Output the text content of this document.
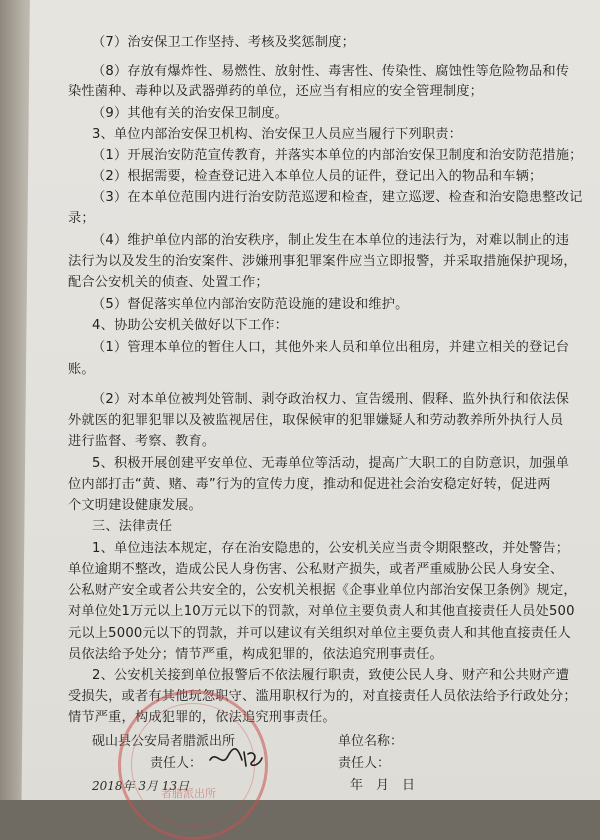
（7）治安保卫工作坚持、考核及奖惩制度；
（8）存放有爆炸性、易燃性、放射性、毒害性、传染性、腐蚀性等危险物品和传
染性菌种、毒种以及武器弹药的单位，还应当有相应的安全管理制度；
（9）其他有关的治安保卫制度。
3、单位内部治安保卫机构、治安保卫人员应当履行下列职责：
（1）开展治安防范宣传教育，并落实本单位的内部治安保卫制度和治安防范措施；
（2）根据需要，检查登记进入本单位人员的证件，登记出入的物品和车辆；
（3）在本单位范围内进行治安防范巡逻和检查，建立巡逻、检查和治安隐患整改记
录；
（4）维护单位内部的治安秩序，制止发生在本单位的违法行为，对难以制止的违
法行为以及发生的治安案件、涉嫌刑事犯罪案件应当立即报警，并采取措施保护现场，
配合公安机关的侦查、处置工作；
（5）督促落实单位内部治安防范设施的建设和维护。
4、协助公安机关做好以下工作：
（1）管理本单位的暂住人口，其他外来人员和单位出租房，并建立相关的登记台
账。
（2）对本单位被判处管制、剥夺政治权力、宣告缓刑、假释、监外执行和依法保
外就医的犯罪犯罪以及被监视居住，取保候审的犯罪嫌疑人和劳动教养所外执行人员
进行监督、考察、教育。
5、积极开展创建平安单位、无毒单位等活动，提高广大职工的自防意识，加强单
位内部打击“黄、赌、毒”行为的宣传力度，推动和促进社会治安稳定好转，促进两
个文明建设健康发展。
三、法律责任
1、单位违法本规定，存在治安隐患的，公安机关应当责令期限整改，并处警告；
单位逾期不整改，造成公民人身伤害、公私财产损失，或者严重威胁公民人身安全、
公私财产安全或者公共安全的，公安机关根据《企事业单位内部治安保卫条例》规定，
对单位处1万元以上10万元以下的罚款，对单位主要负责人和其他直接责任人员处500
元以上5000元以下的罚款，并可以建议有关组织对单位主要负责人和其他直接责任人
员依法给予处分；情节严重，构成犯罪的，依法追究刑事责任。
2、公安机关接到单位报警后不依法履行职责，致使公民人身、财产和公共财产遭
受损失，或者有其他玩忽职守、滥用职权行为的，对直接责任人员依法给予行政处分；
情节严重，构成犯罪的，依法追究刑事责任。
砚山县公安局者腊派出所
责任人：
2018年 3月 13日
单位名称：
责任人：
年　月　日
者腊派出所
